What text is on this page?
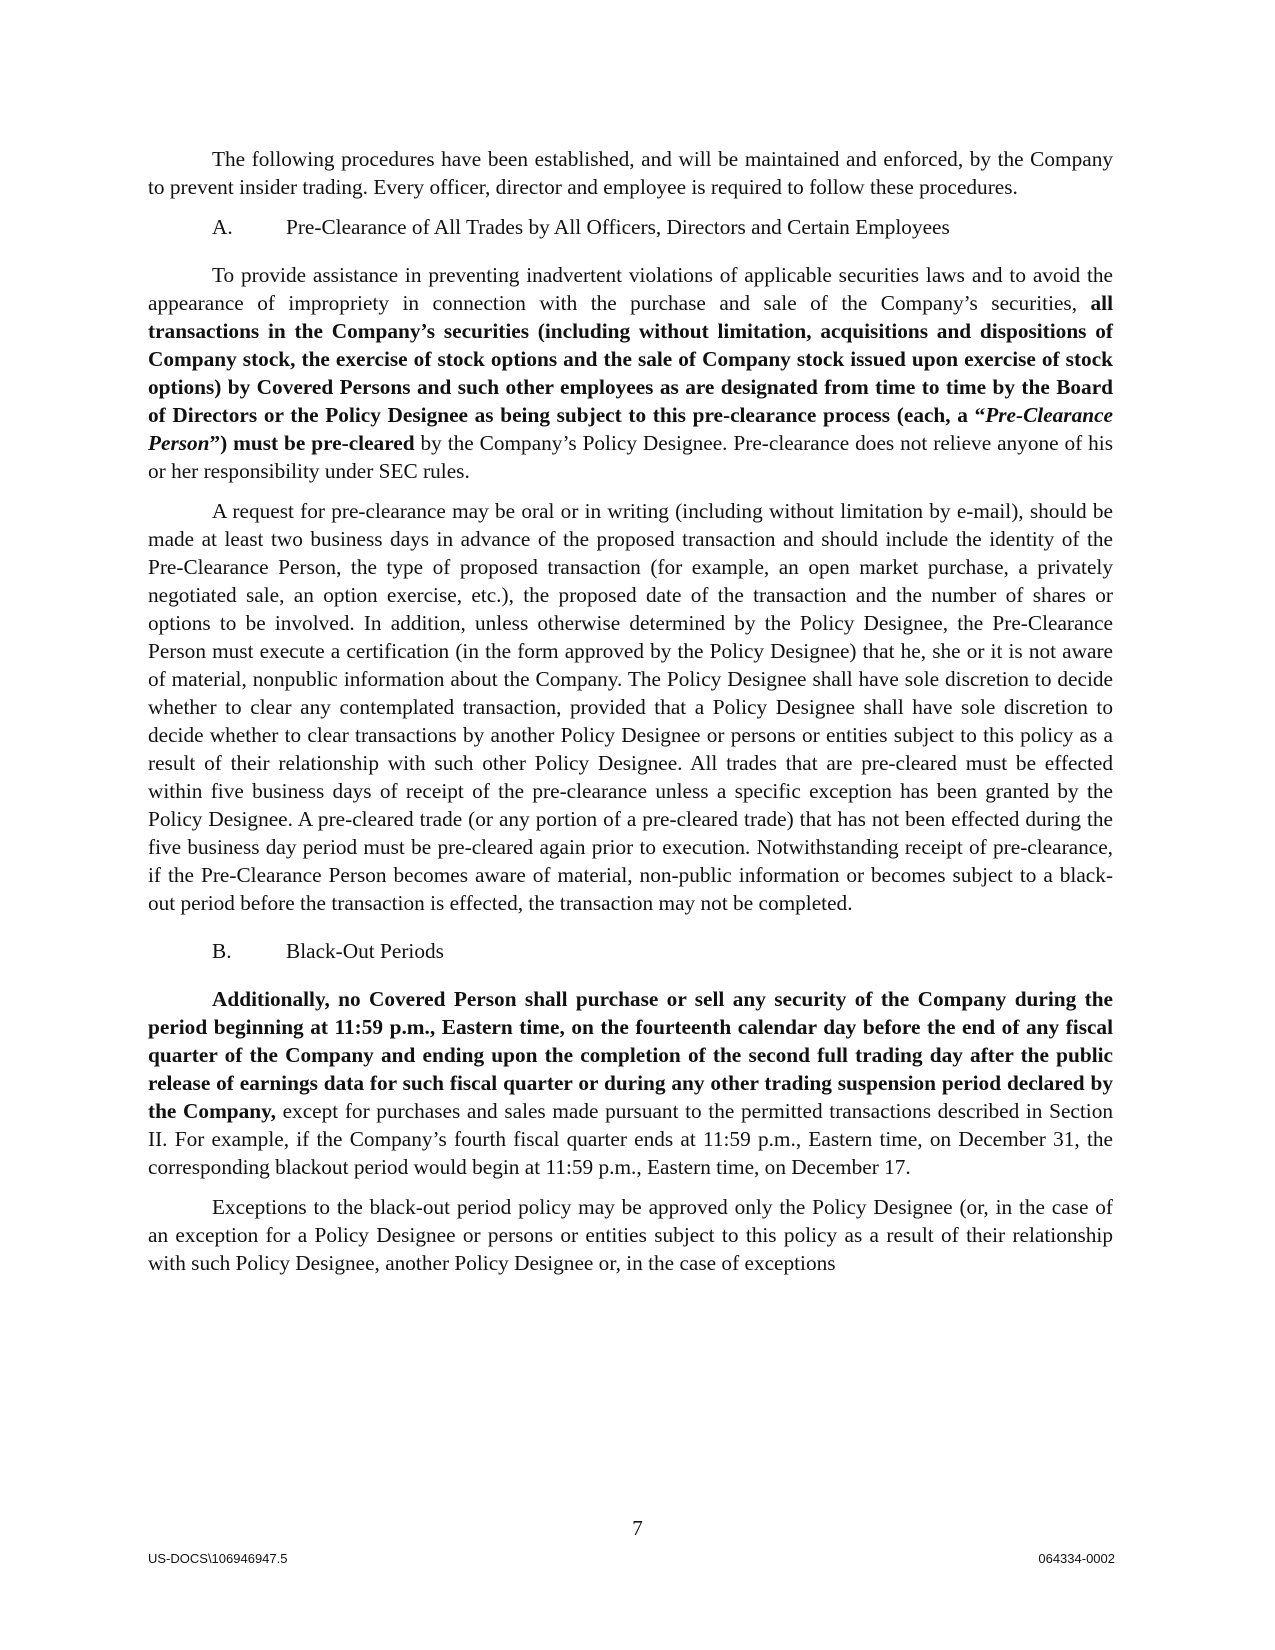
The following procedures have been established, and will be maintained and enforced, by the Company to prevent insider trading. Every officer, director and employee is required to follow these procedures.

A.	Pre-Clearance of All Trades by All Officers, Directors and Certain Employees

To provide assistance in preventing inadvertent violations of applicable securities laws and to avoid the appearance of impropriety in connection with the purchase and sale of the Company’s securities, all transactions in the Company’s securities (including without limitation, acquisitions and dispositions of Company stock, the exercise of stock options and the sale of Company stock issued upon exercise of stock options) by Covered Persons and such other employees as are designated from time to time by the Board of Directors or the Policy Designee as being subject to this pre-clearance process (each, a “Pre-Clearance Person”) must be pre-cleared by the Company’s Policy Designee. Pre-clearance does not relieve anyone of his or her responsibility under SEC rules.

A request for pre-clearance may be oral or in writing (including without limitation by e-mail), should be made at least two business days in advance of the proposed transaction and should include the identity of the Pre-Clearance Person, the type of proposed transaction (for example, an open market purchase, a privately negotiated sale, an option exercise, etc.), the proposed date of the transaction and the number of shares or options to be involved. In addition, unless otherwise determined by the Policy Designee, the Pre-Clearance Person must execute a certification (in the form approved by the Policy Designee) that he, she or it is not aware of material, nonpublic information about the Company. The Policy Designee shall have sole discretion to decide whether to clear any contemplated transaction, provided that a Policy Designee shall have sole discretion to decide whether to clear transactions by another Policy Designee or persons or entities subject to this policy as a result of their relationship with such other Policy Designee. All trades that are pre-cleared must be effected within five business days of receipt of the pre-clearance unless a specific exception has been granted by the Policy Designee. A pre-cleared trade (or any portion of a pre-cleared trade) that has not been effected during the five business day period must be pre-cleared again prior to execution. Notwithstanding receipt of pre-clearance, if the Pre-Clearance Person becomes aware of material, non-public information or becomes subject to a black-out period before the transaction is effected, the transaction may not be completed.

B.	Black-Out Periods

Additionally, no Covered Person shall purchase or sell any security of the Company during the period beginning at 11:59 p.m., Eastern time, on the fourteenth calendar day before the end of any fiscal quarter of the Company and ending upon the completion of the second full trading day after the public release of earnings data for such fiscal quarter or during any other trading suspension period declared by the Company, except for purchases and sales made pursuant to the permitted transactions described in Section II. For example, if the Company’s fourth fiscal quarter ends at 11:59 p.m., Eastern time, on December 31, the corresponding blackout period would begin at 11:59 p.m., Eastern time, on December 17.

Exceptions to the black-out period policy may be approved only the Policy Designee (or, in the case of an exception for a Policy Designee or persons or entities subject to this policy as a result of their relationship with such Policy Designee, another Policy Designee or, in the case of exceptions

7
US-DOCS\106946947.5	064334-0002
